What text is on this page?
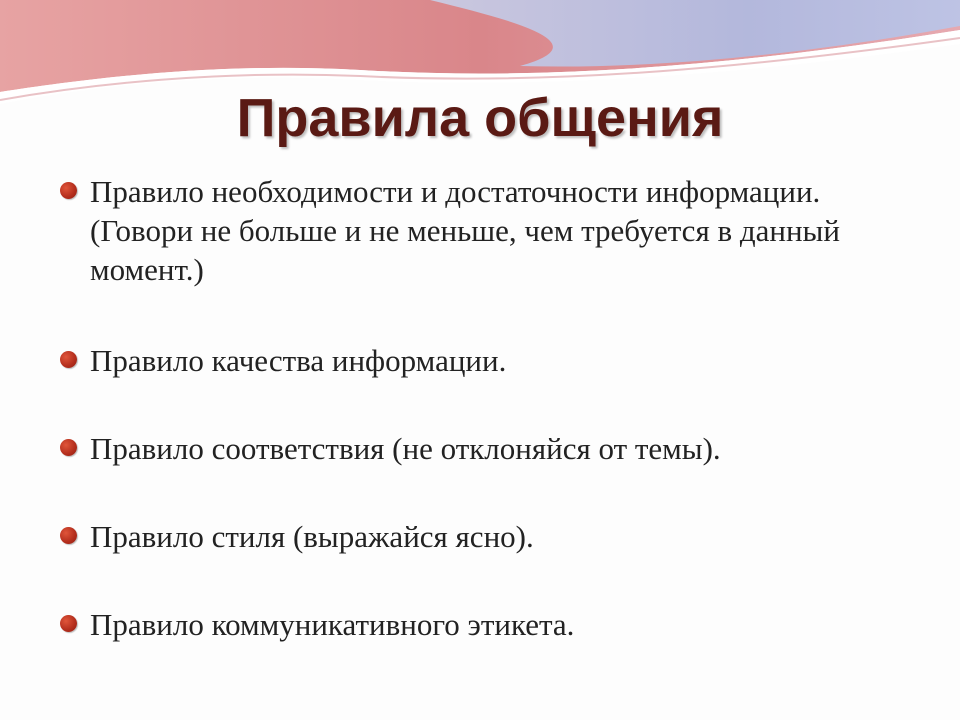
Правила общения
Правило необходимости и достаточности информации. (Говори не больше и не меньше, чем требуется в данный момент.)
Правило качества информации.
Правило соответствия (не отклоняйся от темы).
Правило стиля (выражайся ясно).
Правило коммуникативного этикета.
